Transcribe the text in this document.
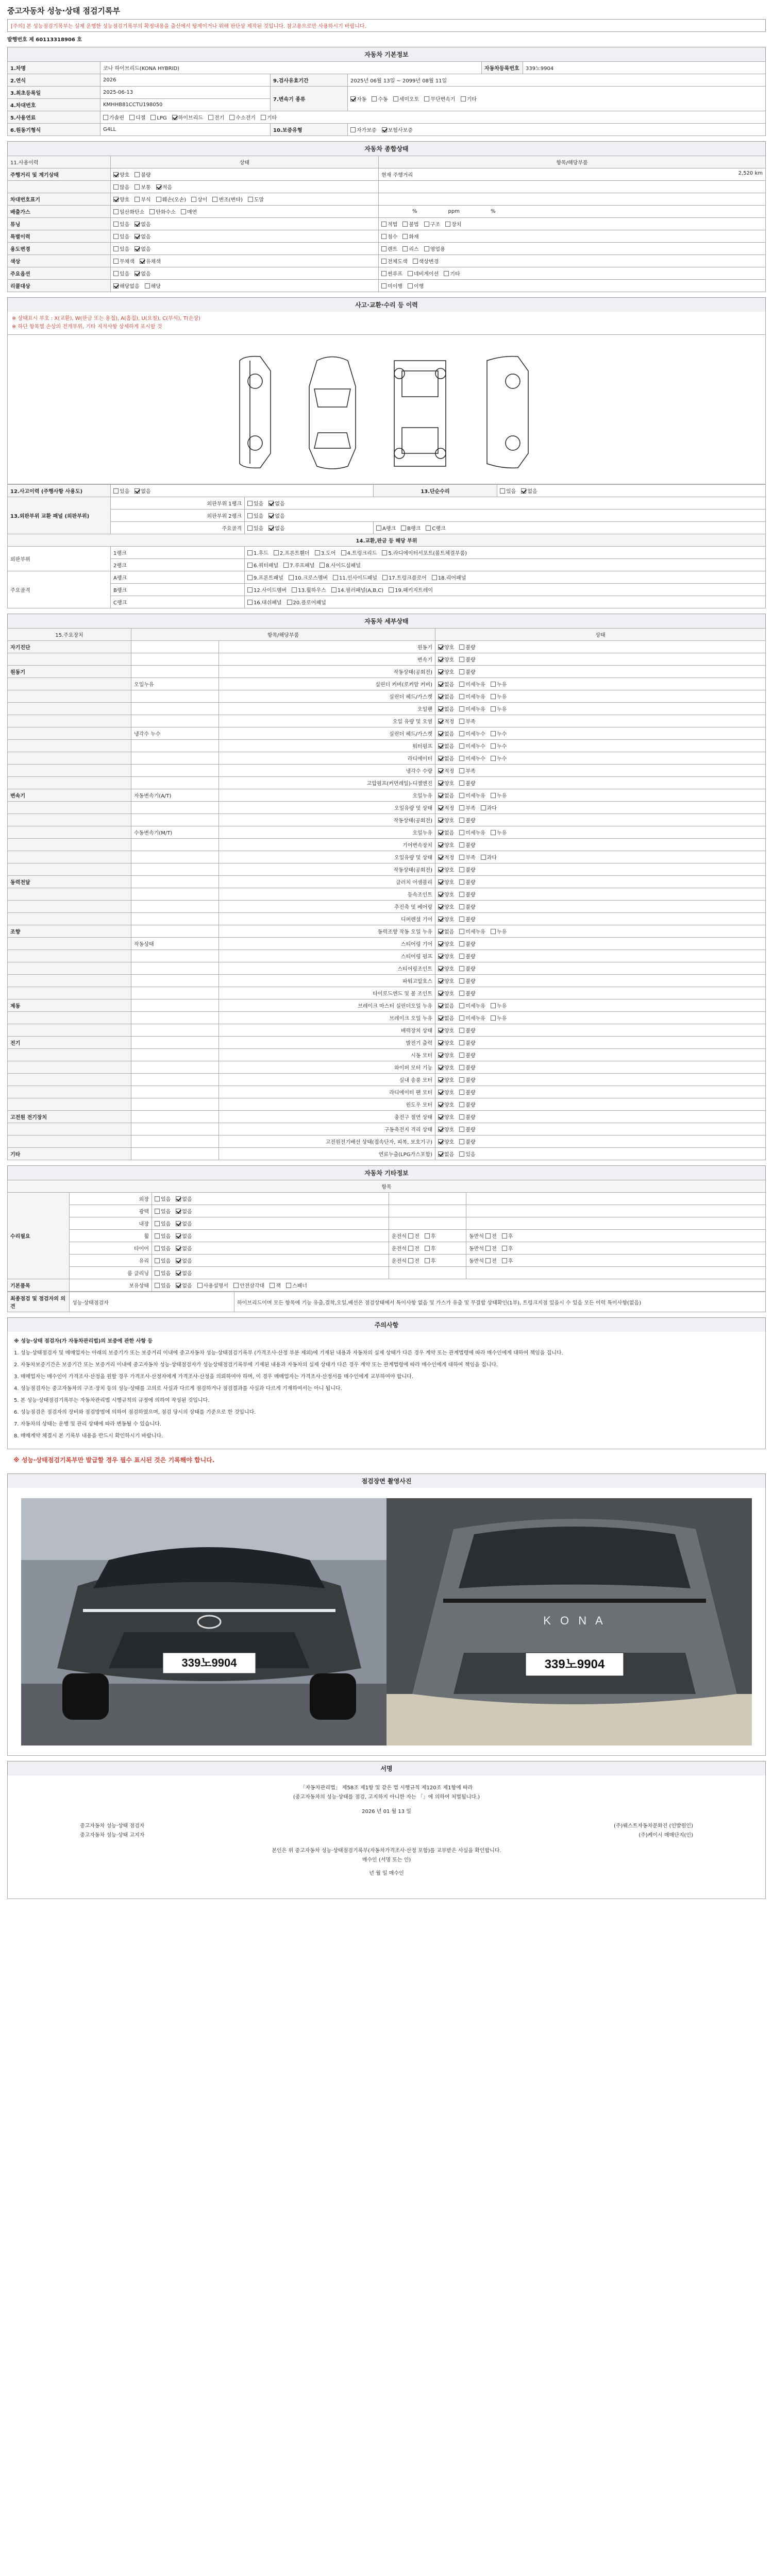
중고자동차 성능·상태 점검기록부
[주의] 본 성능점검기록부는 실제 운행한 성능점검기록부의 확정내용을 출신에서 탕제이거나 위해 판단상 제작된 것입니다. 참고용으로만 사용하시기 바랍니다.
발행번호 제 60113318906 호
자동차 기본정보
1.차명	코나 하이브리드(KONA HYBRID)			자동차등록번호	339노9904
2.연식	2026	9.검사유효기간	2025년 06월 13일 ~ 2099년 08월 11일		
3.최초등록일	2025-06-13	7.변속기 종류	자동 수동 세미오토 무단변속기 기타		
4.차대번호	KMHHB81CCTU198050				
5.사용연료	가솔린 디젤 LPG 하이브리드 전기 수소전기 기타				
6.원동기형식	G4LL	10.보증유형	자가보증 보험사보증		
자동차 종합상태
11.사용이력	상태	항목/해당부품
주행거리 및 계기상태	양호 불량	현재 주행거리 2,520 km

	많음 보통 적음	
차대번호표기	양호 부식 훼손(오손) 상이 변조(변타) 도말	
배출가스	일산화탄소 탄화수소 매연	% ppm %
튜닝	있음 없음	적법 불법 구조 장치
특별이력	있음 없음	침수 화재
용도변경	있음 없음	렌트 리스 영업용
색상	무채색 유채색	전체도색 색상변경
주요옵션	있음 없음	썬루프 네비게이션 기타
리콜대상	해당없음 해당	미이행 이행
사고·교환·수리 등 이력
※ 상태표시 부호 : X(교환), W(판금 또는 용접), A(흠집), U(요철), C(부식), T(손상)
※ 하단 항목별 손상의 전개부위, 기타 지적사항 상세하게 표시할 것
12.사고이력 (주행사항 사용도)	있음 없음		13.단순수리	있음 없음
13.외판부위 교환 패널 (외판부위)	외판부위 1랭크	있음 없음		
	외판부위 2랭크	있음 없음		
	주요골격	있음 없음	A랭크 B랭크 C랭크	
14.교환,판금 등 해당 부위				
외판부위	1랭크	1.후드 2.프론트휀더 3.도어 4.트렁크리드 5.라디에이터서포트(볼트체결부품)		
	2랭크	6.쿼터패널 7.루프패널 8.사이드실패널		
주요골격	A랭크	9.프론트패널 10.크로스멤버 11.인사이드패널 17.트렁크플로어 18.리어패널		
	B랭크	12.사이드멤버 13.휠하우스 14.필러패널(A,B,C) 19.패키지트레이		
	C랭크	16.대쉬패널 20.플로어패널		
자동차 세부상태
15.주요장치	항목/해당부품		상태
자기진단		원동기	양호 불량
		변속기	양호 불량
원동기		작동상태(공회전)	양호 불량
	오일누유	실린더 커버(로커암 커버)	없음 미세누유 누유
		실린더 헤드/가스켓	없음 미세누유 누유
		오일팬	없음 미세누유 누유
		오일 유량 및 오염	적정 부족
	냉각수 누수	실린더 헤드/가스켓	없음 미세누수 누수
		워터펌프	없음 미세누수 누수
		라디에이터	없음 미세누수 누수
		냉각수 수량	적정 부족
		고압펌프(커먼레일)-디젤엔진	양호 불량
변속기	자동변속기(A/T)	오일누유	없음 미세누유 누유
		오일유량 및 상태	적정 부족 과다
		작동상태(공회전)	양호 불량
	수동변속기(M/T)	오일누유	없음 미세누유 누유
		기어변속장치	양호 불량
		오일유량 및 상태	적정 부족 과다
		작동상태(공회전)	양호 불량
동력전달		클러치 어셈블리	양호 불량
		등속조인트	양호 불량
		추진축 및 베어링	양호 불량
		디퍼렌셜 기어	양호 불량
조향		동력조향 작동 오일 누유	없음 미세누유 누유
	작동상태	스티어링 기어	양호 불량
		스티어링 펌프	양호 불량
		스티어링조인트	양호 불량
		파워고압호스	양호 불량
		타이로드엔드 및 볼 조인트	양호 불량
제동		브레이크 마스터 실린더오일 누유	없음 미세누유 누유
		브레이크 오일 누유	없음 미세누유 누유
		배력장치 상태	양호 불량
전기		발전기 출력	양호 불량
		시동 모터	양호 불량
		와이퍼 모터 기능	양호 불량
		실내 송풍 모터	양호 불량
		라디에이터 팬 모터	양호 불량
		윈도우 모터	양호 불량
고전원 전기장치		충전구 절연 상태	양호 불량
		구동축전지 격리 상태	양호 불량
		고전원전기배선 상태(접속단자, 피복, 보호기구)	양호 불량
기타		연료누출(LPG가스포함)	없음 있음
자동차 기타정보
항목				
수리필요	외장	있음 없음		
	광택	있음 없음		
	내장	있음 없음		
	휠	있음 없음	운전석 전 후	동반석 전 후
	타이어	있음 없음	운전석 전 후	동반석 전 후
	유리	있음 없음	운전석 전 후	동반석 전 후
	룸 클리닝	있음 없음		
기본품목	보유상태	있음 없음 사용설명서 안전삼각대 잭 스패너		
최종점검 및 점검자의 의견	성능·상태점검자	하이브리드이며 모든 항목에 기능 유출,결착,오일,배선은 점검상태에서 특이사항 없음 및 가스가 유출 및 무결합 상태확인(1부), 트렁크지점 있을시 수 있음 모든 이력 특이사항(없음)
주의사항

※ 성능·상태 점검자(가 자동차관리법)의 보증에 관한 사항 등

1. 성능·상태점검자 및 매매업자는 아래의 보증기가 또는 보증거리 이내에 중고자동차 성능·상태점검기록부 (가격조사·산정 부분 제외)에 기재된 내용과 자동차의 실제 상태가 다른 경우 계약 또는 관계법령에 따라 매수인에게 대하여 책임을 집니다.

2. 자동차보증기간은 보증기간 또는 보증거리 이내에 중고자동차 성능·상태점검자가 성능상태점검기록부에 기재된 내용과 자동차의 실제 상태가 다른 경우 계약 또는 관계법령에 따라 매수인에게 대하여 책임을 집니다.

3. 매매업자는 매수인이 가격조사·산정을 원할 경우 가격조사·산정자에게 가격조사·산정을 의뢰하여야 하며, 이 경우 매매업자는 가격조사·산정서를 매수인에게 교부하여야 합니다.

4. 성능점검자는 중고자동차의 구조·장치 등의 성능·상태를 고의로 사실과 다르게 점검하거나 점검결과를 사실과 다르게 기재하여서는 아니 됩니다.

5. 본 성능·상태점검기록부는 자동차관리법 시행규칙의 규정에 의하여 작성된 것입니다.

6. 성능점검은 점검자의 장비와 점검방법에 의하여 점검하였으며, 점검 당시의 상태를 기준으로 한 것입니다.

7. 자동차의 상태는 운행 및 관리 상태에 따라 변동될 수 있습니다.

8. 매매계약 체결시 본 기록부 내용을 반드시 확인하시기 바랍니다.

※ 성능·상태점검기록부만 발급할 경우 필수 표시된 것은 기록해야 합니다.
점검장면 촬영사진
339노9904
K O N A
339노9904
서명
「자동차관리법」 제58조 제1항 및 같은 법 시행규칙 제120조 제1항에 따라
(중고자동차의 성능·상태를 점검, 고지하지 아니한 자는 「」에 의하여 처벌됩니다.)
2026 년 01 월 13 일
중고자동차 성능·상태 점검자
중고자동차 성능·상태 고지자
(주)웨스트자동차문화진 (인발원인)
(주)케이시 매매단지(인)
본인은 위 중고자동차 성능·상태점검기록부(자동차가격조사·산정 포함)를 교부받은 사실을 확인합니다.
매수인 (서명 또는 인)
년 월 일 매수인
